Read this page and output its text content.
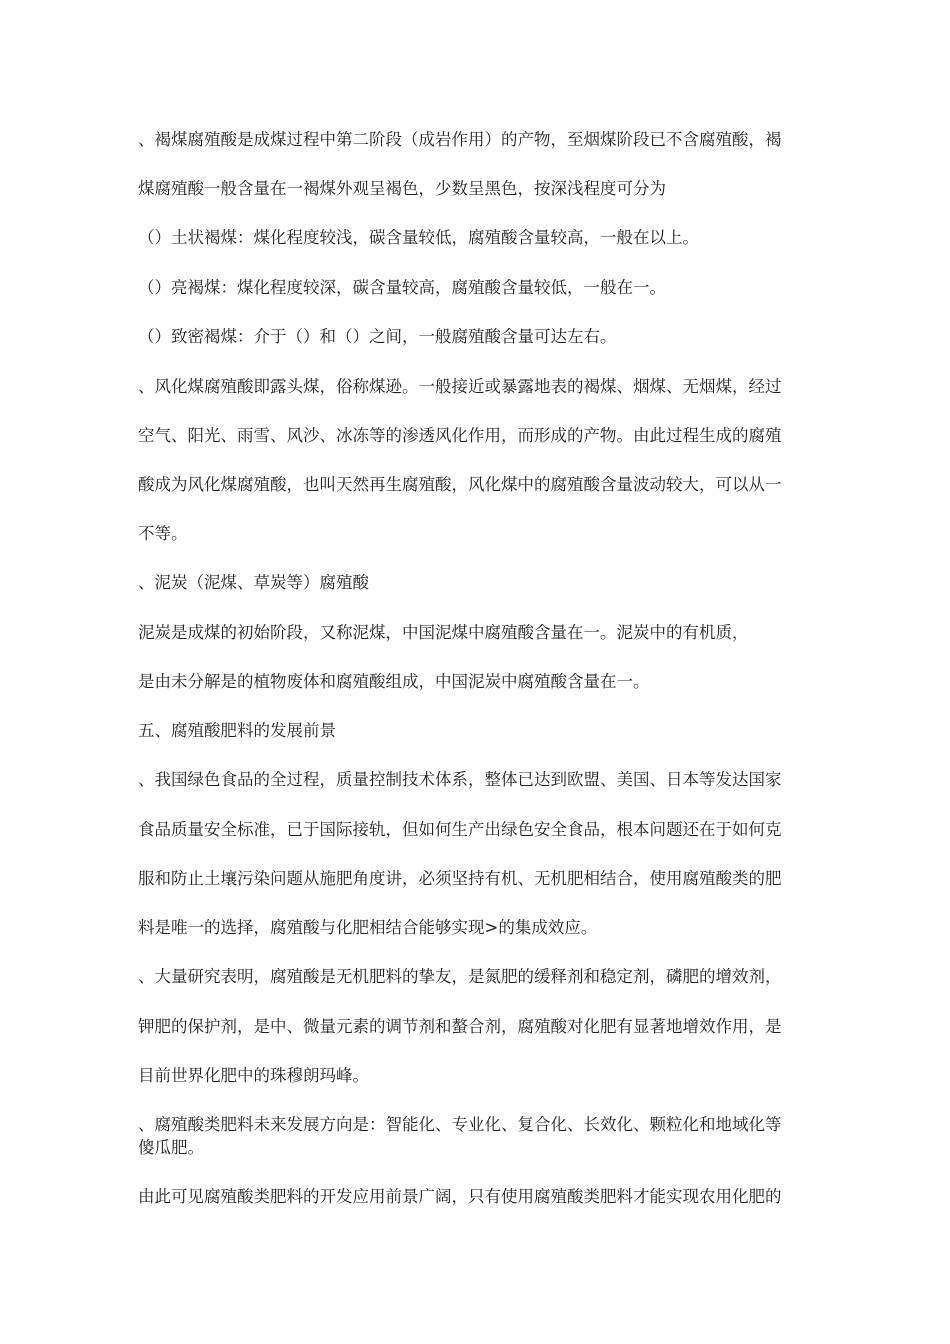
、褐煤腐殖酸是成煤过程中第二阶段（成岩作用）的产物，至烟煤阶段已不含腐殖酸，褐
煤腐殖酸一般含量在一褐煤外观呈褐色，少数呈黑色，按深浅程度可分为
（）土状褐煤：煤化程度较浅，碳含量较低，腐殖酸含量较高，一般在以上。
（）亮褐煤：煤化程度较深，碳含量较高，腐殖酸含量较低，一般在一。
（）致密褐煤：介于（）和（）之间，一般腐殖酸含量可达左右。
、风化煤腐殖酸即露头煤，俗称煤逊。一般接近或暴露地表的褐煤、烟煤、无烟煤，经过
空气、阳光、雨雪、风沙、冰冻等的渗透风化作用，而形成的产物。由此过程生成的腐殖
酸成为风化煤腐殖酸，也叫天然再生腐殖酸，风化煤中的腐殖酸含量波动较大，可以从一
不等。
、泥炭（泥煤、草炭等）腐殖酸
泥炭是成煤的初始阶段，又称泥煤，中国泥煤中腐殖酸含量在一。泥炭中的有机质，
是由未分解是的植物废体和腐殖酸组成，中国泥炭中腐殖酸含量在一。
五、腐殖酸肥料的发展前景
、我国绿色食品的全过程，质量控制技术体系，整体已达到欧盟、美国、日本等发达国家
食品质量安全标准，已于国际接轨，但如何生产出绿色安全食品，根本问题还在于如何克
服和防止土壤污染问题从施肥角度讲，必须坚持有机、无机肥相结合，使用腐殖酸类的肥
料是唯一的选择，腐殖酸与化肥相结合能够实现>的集成效应。
、大量研究表明，腐殖酸是无机肥料的挚友，是氮肥的缓释剂和稳定剂，磷肥的增效剂，
钾肥的保护剂，是中、微量元素的调节剂和螯合剂，腐殖酸对化肥有显著地增效作用，是
目前世界化肥中的珠穆朗玛峰。
、腐殖酸类肥料未来发展方向是：智能化、专业化、复合化、长效化、颗粒化和地域化等
傻瓜肥。
由此可见腐殖酸类肥料的开发应用前景广阔，只有使用腐殖酸类肥料才能实现农用化肥的
